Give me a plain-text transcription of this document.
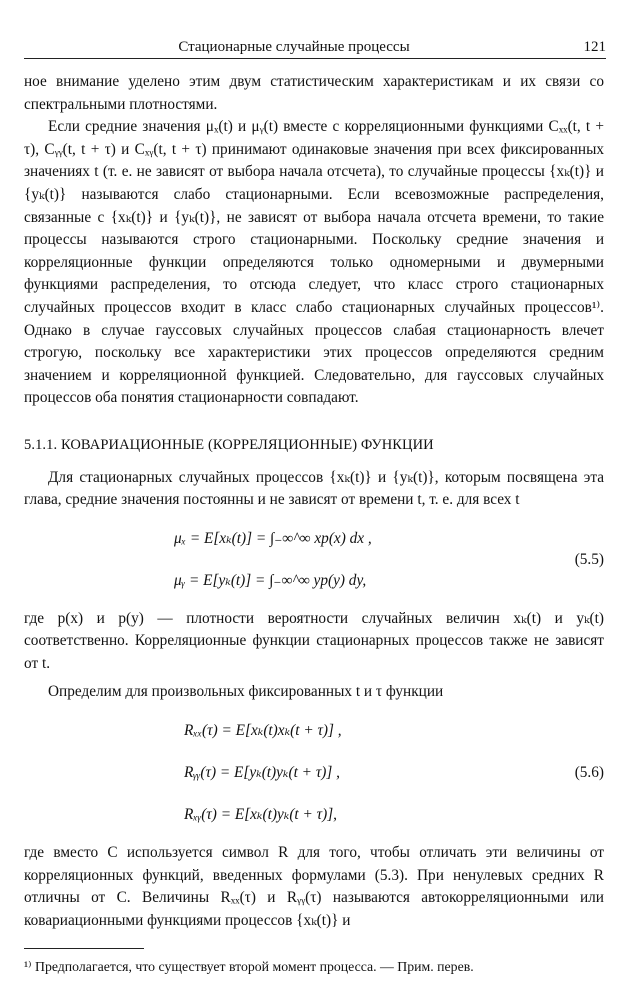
Стационарные случайные процессы	121

ное внимание уделено этим двум статистическим характеристикам и их связи со спектральными плотностями.

Если средние значения μₓ(t) и μᵧ(t) вместе с корреляционными функциями Cₓₓ(t, t + τ), Cᵧᵧ(t, t + τ) и Cₓᵧ(t, t + τ) принимают одинаковые значения при всех фиксированных значениях t (т. е. не зависят от выбора начала отсчета), то случайные процессы {xₖ(t)} и {yₖ(t)} называются слабо стационарными. Если всевозможные распределения, связанные с {xₖ(t)} и {yₖ(t)}, не зависят от выбора начала отсчета времени, то такие процессы называются строго стационарными. Поскольку средние значения и корреляционные функции определяются только одномерными и двумерными функциями распределения, то отсюда следует, что класс строго стационарных случайных процессов входит в класс слабо стационарных случайных процессов¹⁾. Однако в случае гауссовых случайных процессов слабая стационарность влечет строгую, поскольку все характеристики этих процессов определяются средним значением и корреляционной функцией. Следовательно, для гауссовых случайных процессов оба понятия стационарности совпадают.

5.1.1. КОВАРИАЦИОННЫЕ (КОРРЕЛЯЦИОННЫЕ) ФУНКЦИИ

Для стационарных случайных процессов {xₖ(t)} и {yₖ(t)}, которым посвящена эта глава, средние значения постоянны и не зависят от времени t, т. е. для всех t

μₓ = E[xₖ(t)] = ∫₋∞^∞ xp(x) dx ,
μᵧ = E[yₖ(t)] = ∫₋∞^∞ yp(y) dy,
(5.5)

где p(x) и p(y) — плотности вероятности случайных величин xₖ(t) и yₖ(t) соответственно. Корреляционные функции стационарных процессов также не зависят от t.

Определим для произвольных фиксированных t и τ функции

Rₓₓ(τ) = E[xₖ(t)xₖ(t + τ)] ,
Rᵧᵧ(τ) = E[yₖ(t)yₖ(t + τ)] ,
Rₓᵧ(τ) = E[xₖ(t)yₖ(t + τ)],
(5.6)

где вместо C используется символ R для того, чтобы отличать эти величины от корреляционных функций, введенных формулами (5.3). При ненулевых средних R отличны от C. Величины Rₓₓ(τ) и Rᵧᵧ(τ) называются автокорреляционными или ковариационными функциями процессов {xₖ(t)} и

¹⁾ Предполагается, что существует второй момент процесса. — Прим. перев.
